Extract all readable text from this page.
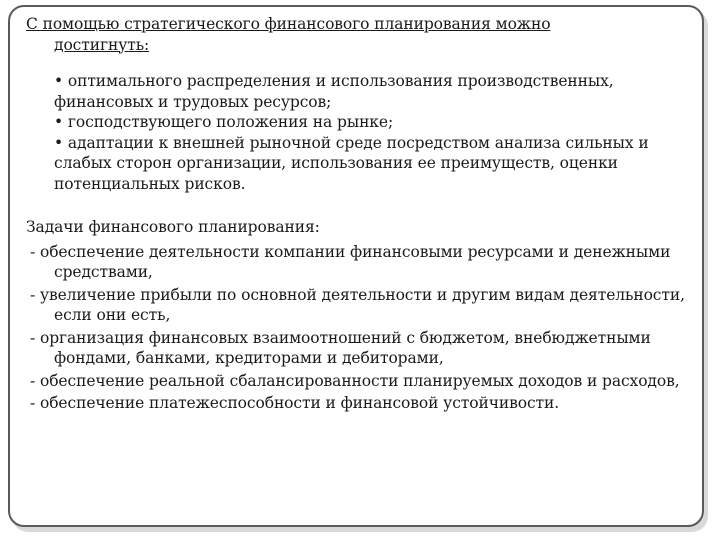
С помощью стратегического финансового планирования можно
достигнуть:

• оптимального распределения и использования производственных, финансовых и трудовых ресурсов;
• господствующего положения на рынке;
• адаптации к внешней рыночной среде посредством анализа сильных и слабых сторон организации, использования ее преимуществ, оценки потенциальных рисков.

Задачи финансового планирования:

- обеспечение деятельности компании финансовыми ресурсами и денежными средствами,
- увеличение прибыли по основной деятельности и другим видам деятельности, если они есть,
- организация финансовых взаимоотношений с бюджетом, внебюджетными фондами, банками, кредиторами и дебиторами,
- обеспечение реальной сбалансированности планируемых доходов и расходов,
- обеспечение платежеспособности и финансовой устойчивости.
